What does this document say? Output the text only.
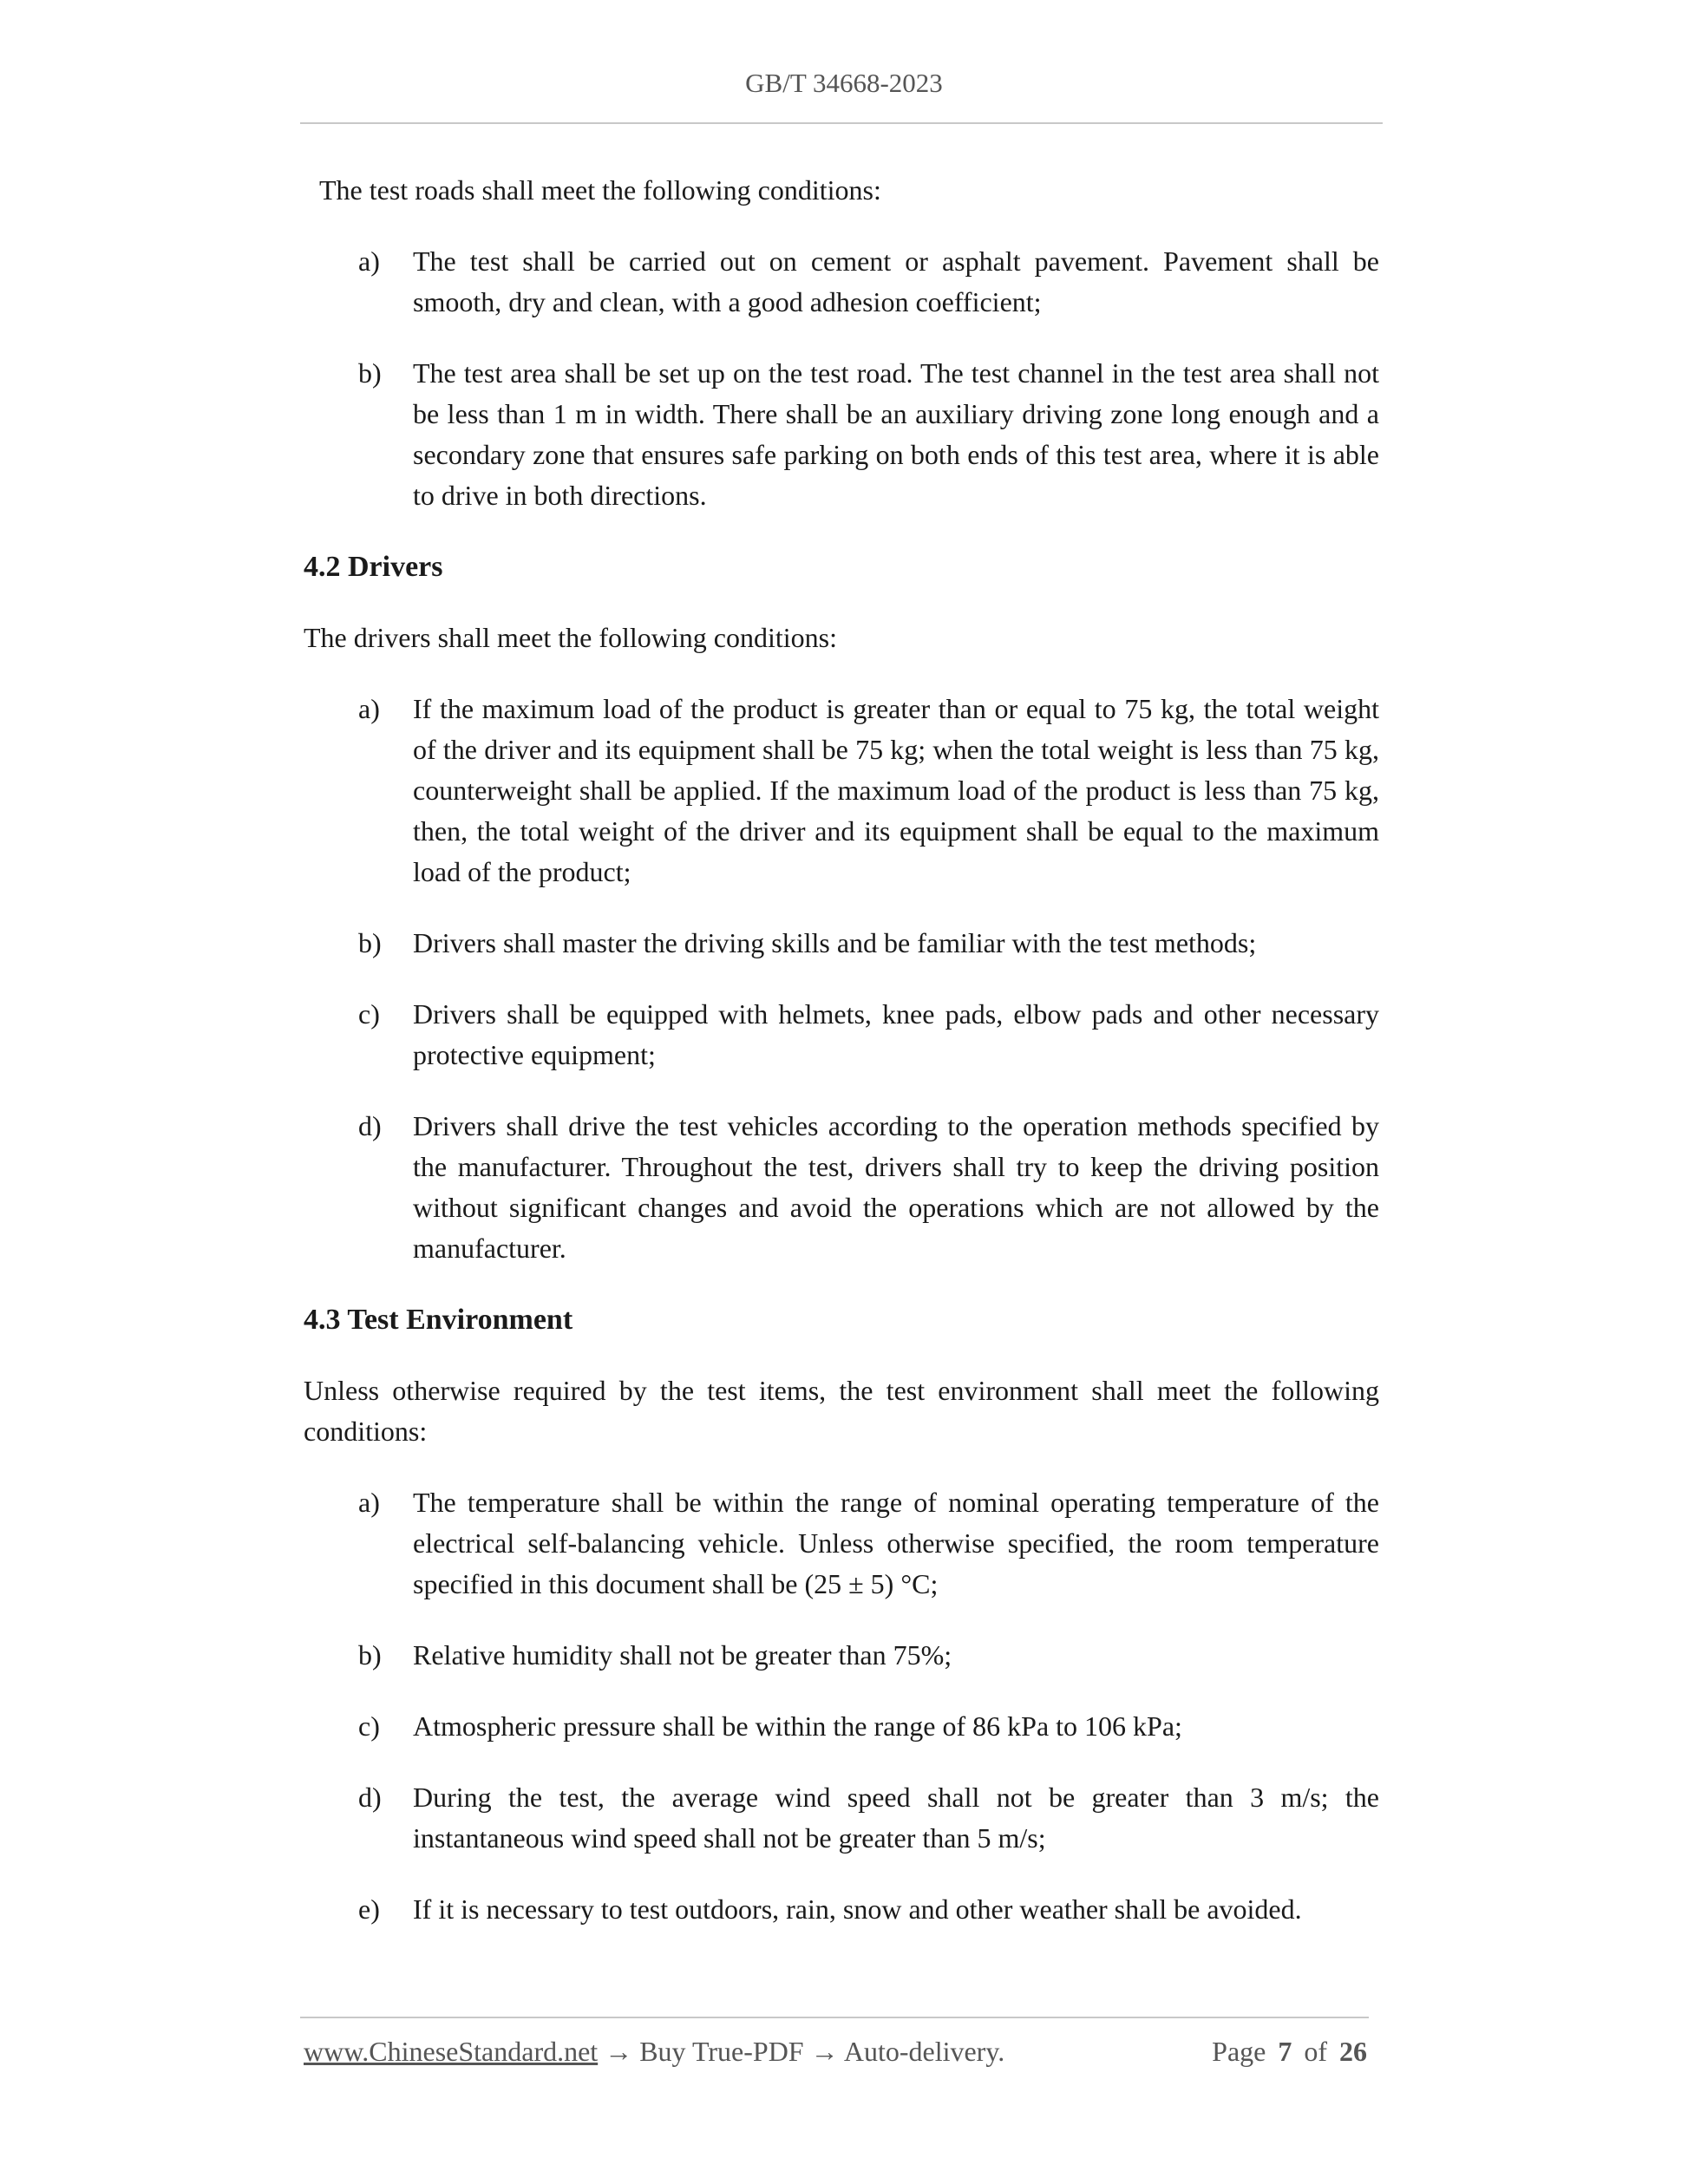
GB/T 34668-2023

The test roads shall meet the following conditions:

a)	The test shall be carried out on cement or asphalt pavement. Pavement shall be smooth, dry and clean, with a good adhesion coefficient;
b)	The test area shall be set up on the test road. The test channel in the test area shall not be less than 1 m in width. There shall be an auxiliary driving zone long enough and a secondary zone that ensures safe parking on both ends of this test area, where it is able to drive in both directions.
4.2 Drivers

The drivers shall meet the following conditions:

a)	If the maximum load of the product is greater than or equal to 75 kg, the total weight of the driver and its equipment shall be 75 kg; when the total weight is less than 75 kg, counterweight shall be applied. If the maximum load of the product is less than 75 kg, then, the total weight of the driver and its equipment shall be equal to the maximum load of the product;
b)	Drivers shall master the driving skills and be familiar with the test methods;
c)	Drivers shall be equipped with helmets, knee pads, elbow pads and other necessary protective equipment;
d)	Drivers shall drive the test vehicles according to the operation methods specified by the manufacturer. Throughout the test, drivers shall try to keep the driving position without significant changes and avoid the operations which are not allowed by the manufacturer.
4.3 Test Environment

Unless otherwise required by the test items, the test environment shall meet the following conditions:

a)	The temperature shall be within the range of nominal operating temperature of the electrical self-balancing vehicle. Unless otherwise specified, the room temperature specified in this document shall be (25 ± 5) °C;
b)	Relative humidity shall not be greater than 75%;
c)	Atmospheric pressure shall be within the range of 86 kPa to 106 kPa;
d)	During the test, the average wind speed shall not be greater than 3 m/s; the instantaneous wind speed shall not be greater than 5 m/s;
e)	If it is necessary to test outdoors, rain, snow and other weather shall be avoided.
www.ChineseStandard.net → Buy True-PDF → Auto-delivery.	Page 7 of 26
